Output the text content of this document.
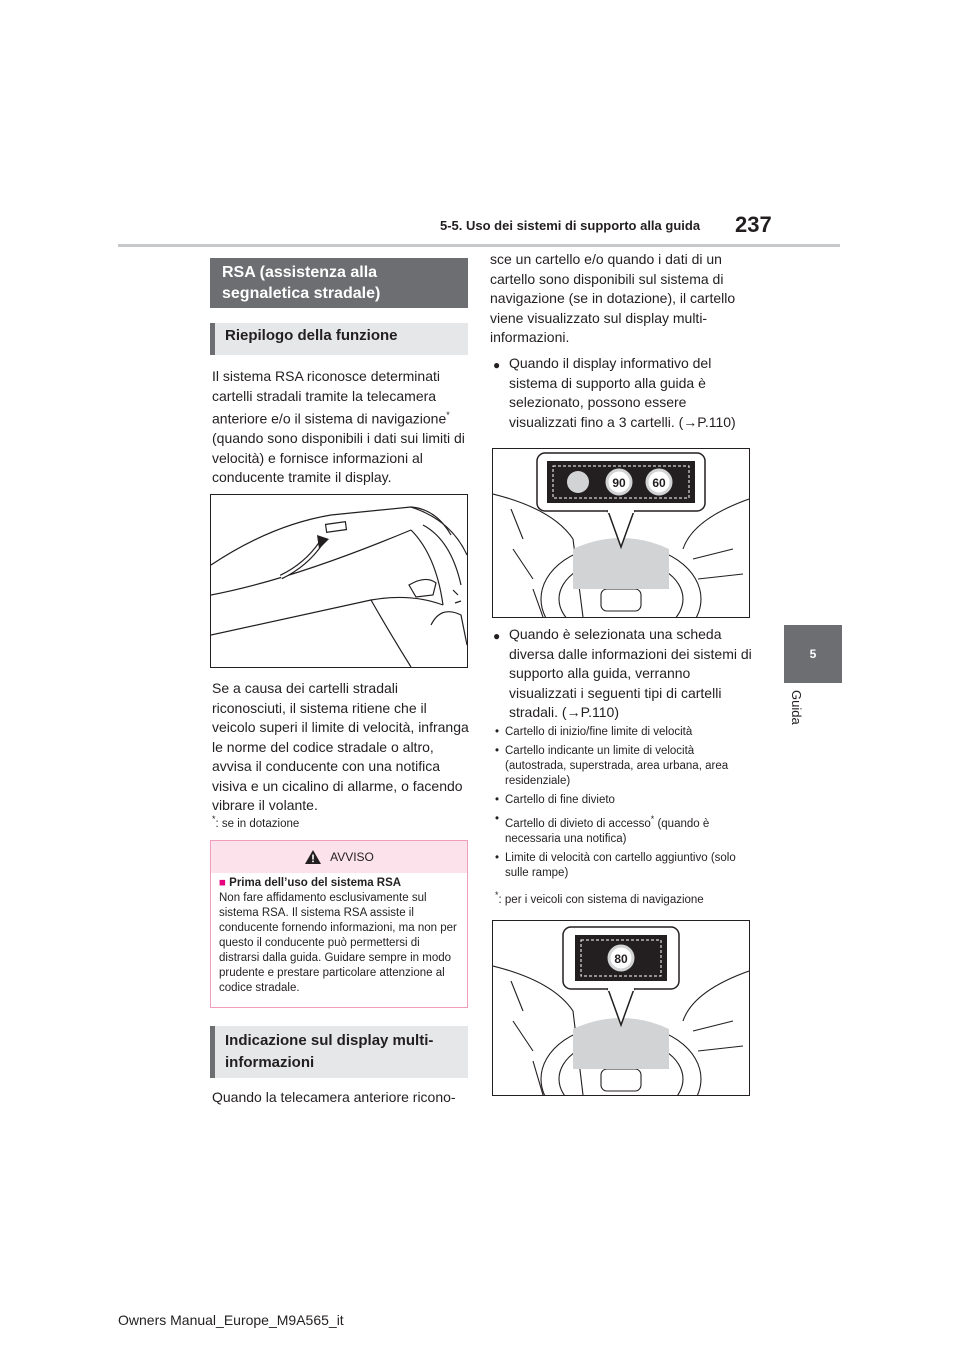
5-5. Uso dei sistemi di supporto alla guida 237
5
Guida
RSA (assistenza alla segnaletica stradale)
Riepilogo della funzione
Il sistema RSA riconosce determinati cartelli stradali tramite la telecamera anteriore e/o il sistema di navigazione* (quando sono disponibili i dati sui limiti di velocità) e fornisce informazioni al conducente tramite il display.
Se a causa dei cartelli stradali riconosciuti, il sistema ritiene che il veicolo superi il limite di velocità, infranga le norme del codice stradale o altro, avvisa il conducente con una notifica visiva e un cicalino di allarme, o facendo vibrare il volante.
*: se in dotazione
AVVISO
■ Prima dell’uso del sistema RSA
Non fare affidamento esclusivamente sul sistema RSA. Il sistema RSA assiste il conducente fornendo informazioni, ma non per questo il conducente può permettersi di distrarsi dalla guida. Guidare sempre in modo prudente e prestare particolare attenzione al codice stradale.
Indicazione sul display multi-informazioni
Quando la telecamera anteriore ricono-
sce un cartello e/o quando i dati di un cartello sono disponibili sul sistema di navigazione (se in dotazione), il cartello viene visualizzato sul display multi-informazioni.
● Quando il display informativo del sistema di supporto alla guida è selezionato, possono essere visualizzati fino a 3 cartelli. (→P.110)
90 60
● Quando è selezionata una scheda diversa dalle informazioni dei sistemi di supporto alla guida, verranno visualizzati i seguenti tipi di cartelli stradali. (→P.110)
• Cartello di inizio/fine limite di velocità
• Cartello indicante un limite di velocità (autostrada, superstrada, area urbana, area residenziale)
• Cartello di fine divieto
• Cartello di divieto di accesso* (quando è necessaria una notifica)
• Limite di velocità con cartello aggiuntivo (solo sulle rampe)
*: per i veicoli con sistema di navigazione
80
Owners Manual_Europe_M9A565_it
